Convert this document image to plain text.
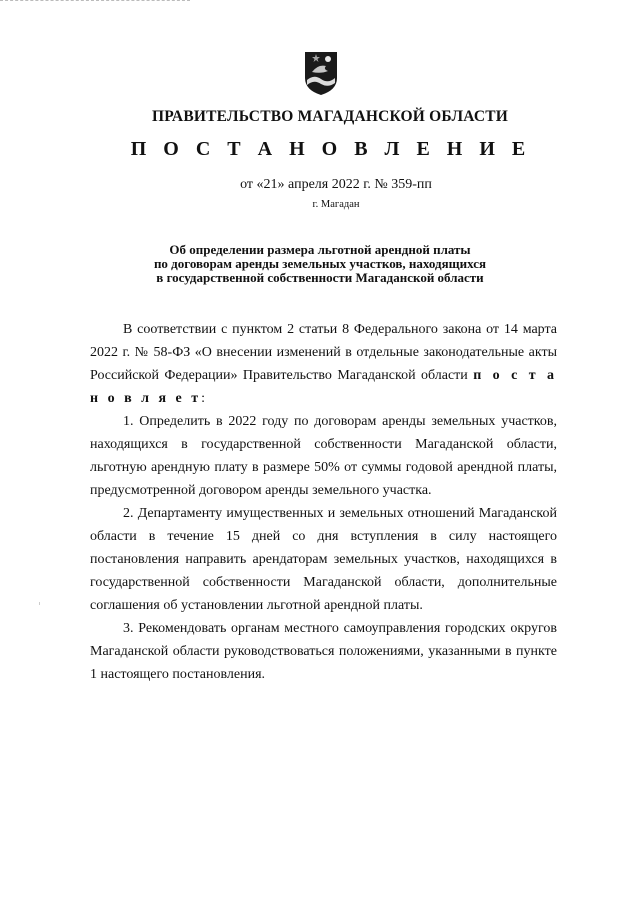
ПРАВИТЕЛЬСТВО МАГАДАНСКОЙ ОБЛАСТИ
П О С Т А Н О В Л Е Н И Е
от «21» апреля 2022 г. № 359-пп
г. Магадан
Об определении размера льготной арендной платы
по договорам аренды земельных участков, находящихся
в государственной собственности Магаданской области

В соответствии с пунктом 2 статьи 8 Федерального закона от 14 марта 2022 г. № 58-ФЗ «О внесении изменений в отдельные законодательные акты Российской Федерации» Правительство Магаданской области п о с т а н о в л я е т:

1. Определить в 2022 году по договорам аренды земельных участков, находящихся в государственной собственности Магаданской области, льготную арендную плату в размере 50% от суммы годовой арендной платы, предусмотренной договором аренды земельного участка.

2. Департаменту имущественных и земельных отношений Магаданской области в течение 15 дней со дня вступления в силу настоящего постановления направить арендаторам земельных участков, находящихся в государственной собственности Магаданской области, дополнительные соглашения об установлении льготной арендной платы.

3. Рекомендовать органам местного самоуправления городских округов Магаданской области руководствоваться положениями, указанными в пункте 1 настоящего постановления.
